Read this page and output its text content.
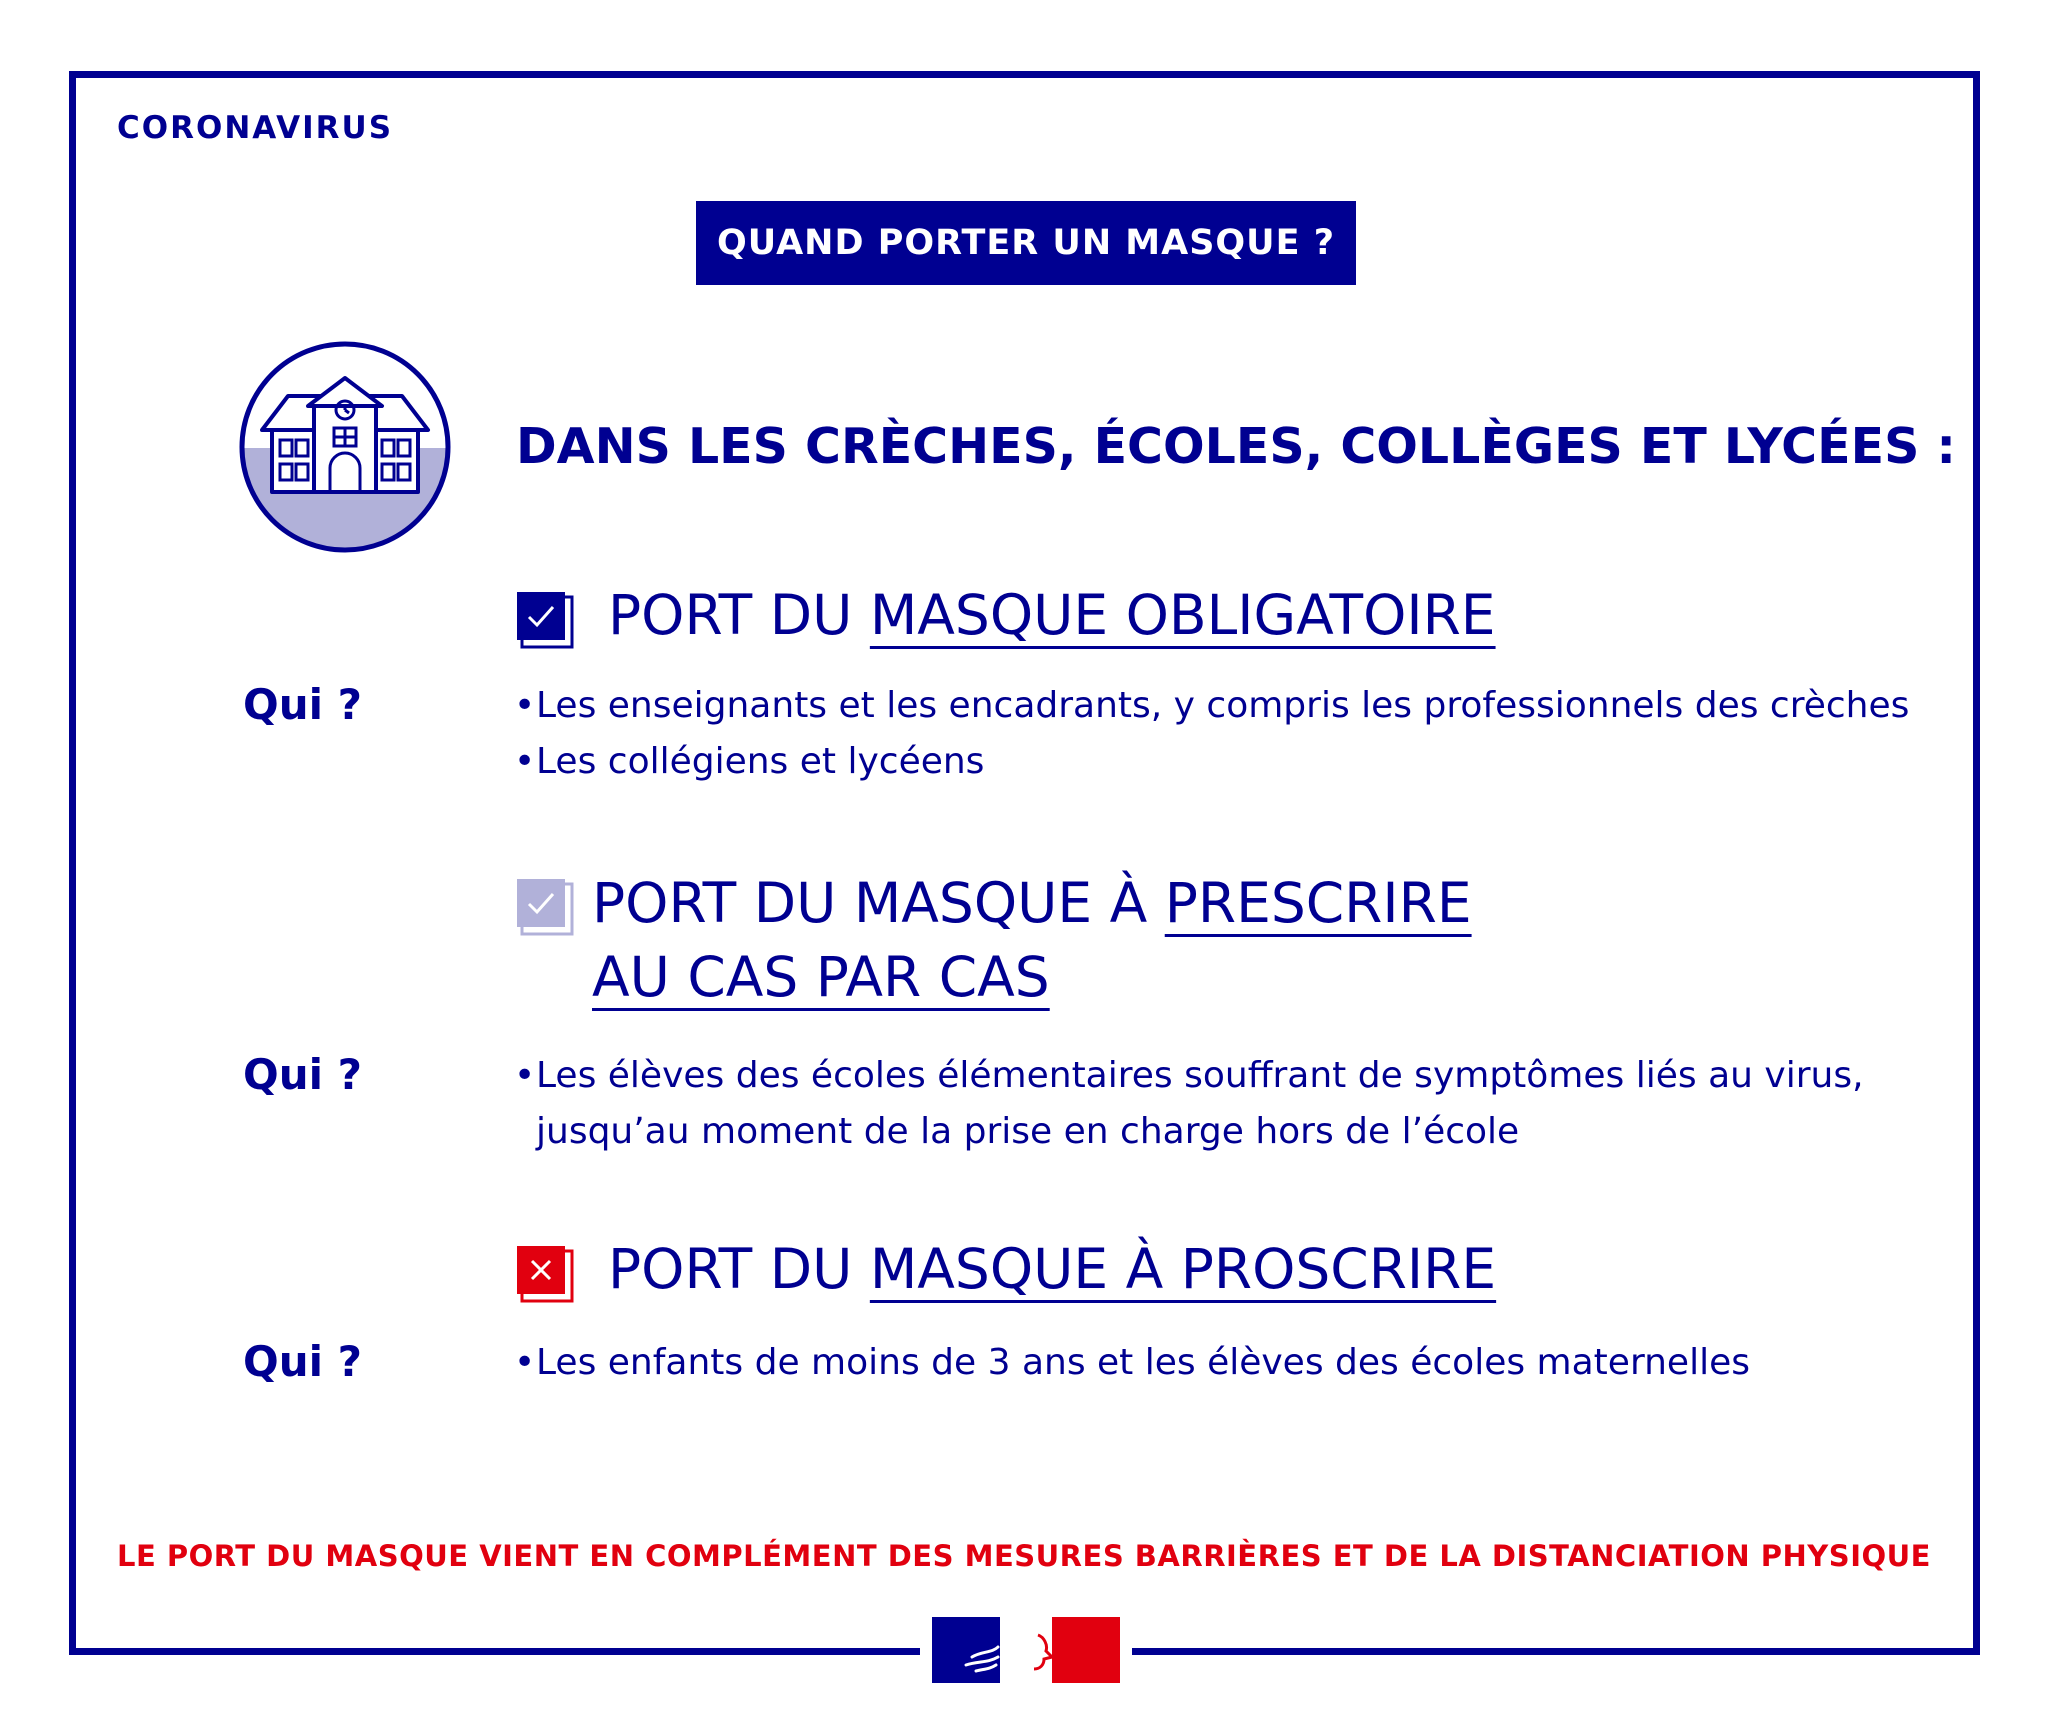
CORONAVIRUS
QUAND PORTER UN MASQUE ?
DANS LES CRÈCHES, ÉCOLES, COLLÈGES ET LYCÉES :
PORT DU MASQUE OBLIGATOIRE
Qui ?	• Les enseignants et les encadrants, y compris les professionnels des crèches
• Les collégiens et lycéens
PORT DU MASQUE À PRESCRIRE
AU CAS PAR CAS
Qui ?	• Les élèves des écoles élémentaires souffrant de symptômes liés au virus,
jusqu’au moment de la prise en charge hors de l’école
PORT DU MASQUE À PROSCRIRE
Qui ?	• Les enfants de moins de 3 ans et les élèves des écoles maternelles
LE PORT DU MASQUE VIENT EN COMPLÉMENT DES MESURES BARRIÈRES ET DE LA DISTANCIATION PHYSIQUE
